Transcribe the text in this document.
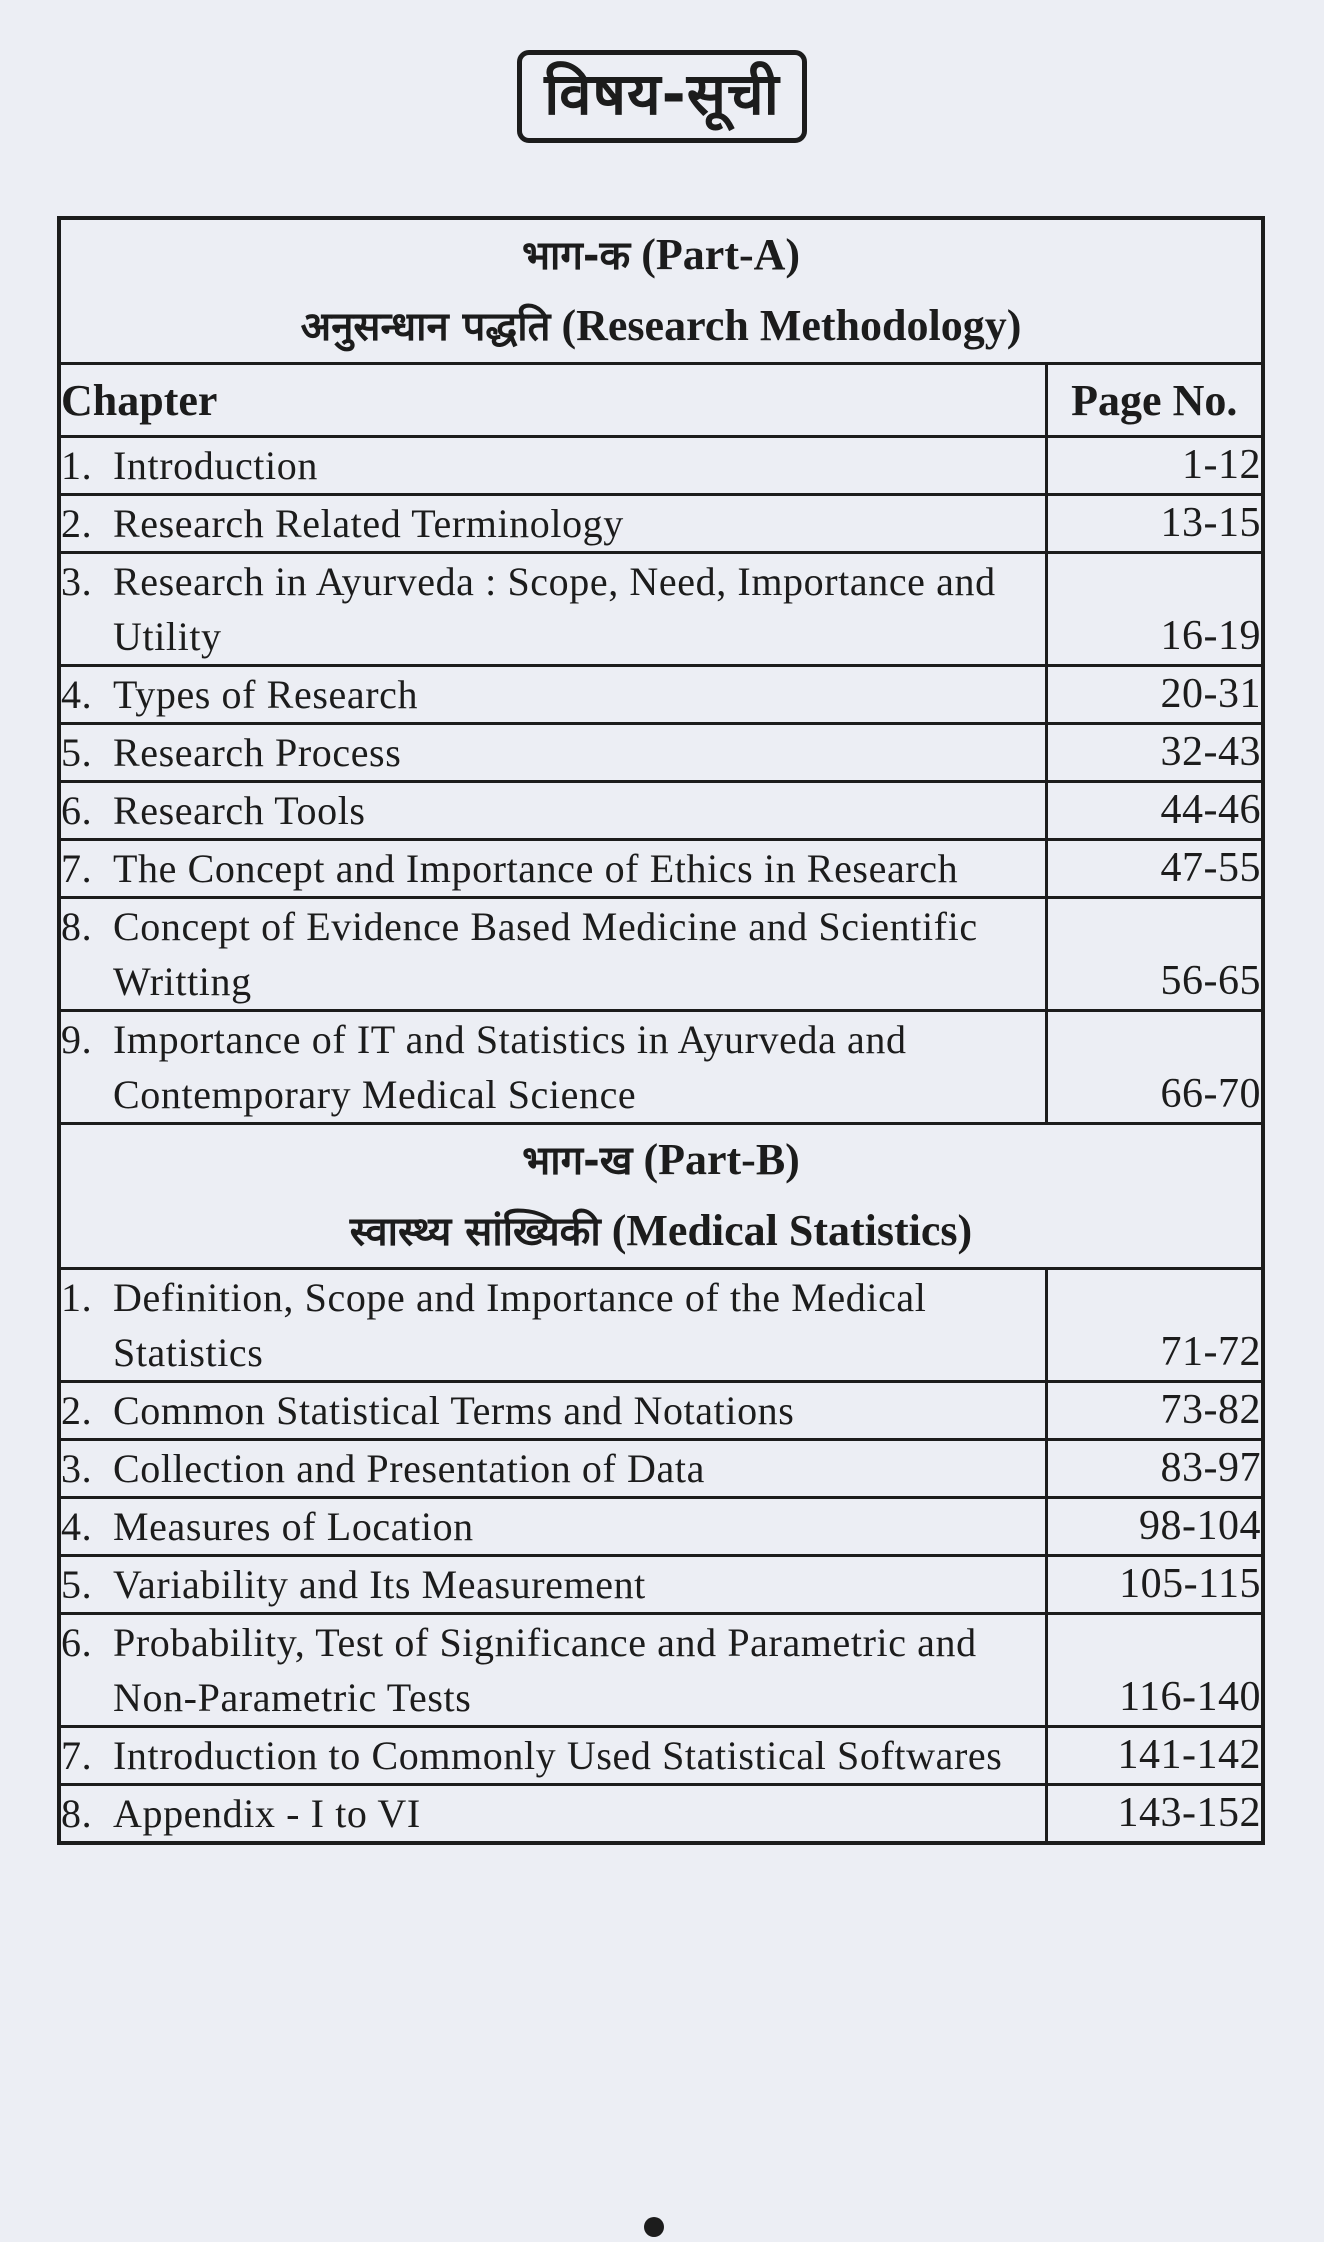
विषय-सूची
भाग-क (Part-A)
अनुसन्धान पद्धति (Research Methodology)	

Chapter	Page No.

1. Introduction	1-12

2. Research Related Terminology	13-15

3. Research in Ayurveda : Scope, Need, Importance and Utility	16-19

4. Types of Research	20-31

5. Research Process	32-43

6. Research Tools	44-46

7. The Concept and Importance of Ethics in Research	47-55

8. Concept of Evidence Based Medicine and Scientific Writting	56-65

9. Importance of IT and Statistics in Ayurveda and Contemporary Medical Science	66-70

भाग-ख (Part-B)
स्वास्थ्य सांख्यिकी (Medical Statistics)	

1. Definition, Scope and Importance of the Medical Statistics	71-72

2. Common Statistical Terms and Notations	73-82

3. Collection and Presentation of Data	83-97

4. Measures of Location	98-104

5. Variability and Its Measurement	105-115

6. Probability, Test of Significance and Parametric and Non-Parametric Tests	116-140

7. Introduction to Commonly Used Statistical Softwares	141-142

8. Appendix - I to VI	143-152
